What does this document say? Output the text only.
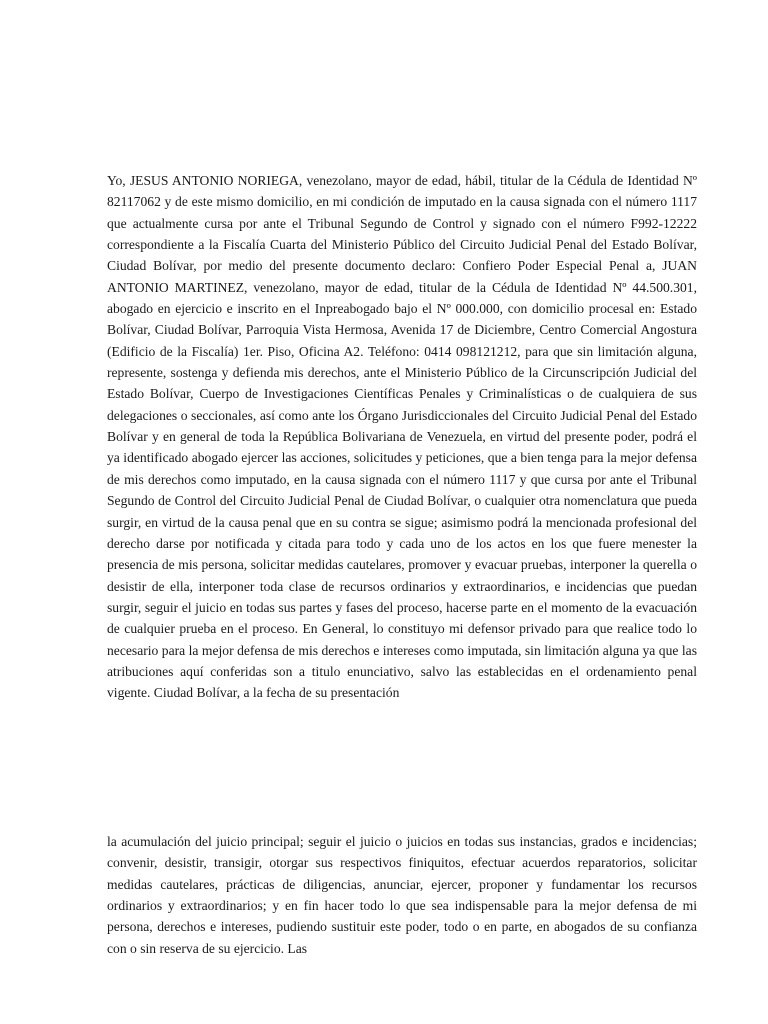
Yo, JESUS ANTONIO NORIEGA, venezolano, mayor de edad, hábil, titular de la Cédula de Identidad Nº 82117062 y de este mismo domicilio, en mi condición de imputado en la causa signada con el número 1117 que actualmente cursa por ante el Tribunal Segundo de Control y signado con el número F992-12222 correspondiente a la Fiscalía Cuarta del Ministerio Público del Circuito Judicial Penal del Estado Bolívar, Ciudad Bolívar, por medio del presente documento declaro: Confiero Poder Especial Penal a, JUAN ANTONIO MARTINEZ, venezolano, mayor de edad, titular de la Cédula de Identidad Nº 44.500.301, abogado en ejercicio e inscrito en el Inpreabogado bajo el Nº 000.000, con domicilio procesal en: Estado Bolívar, Ciudad Bolívar, Parroquia Vista Hermosa, Avenida 17 de Diciembre, Centro Comercial Angostura (Edificio de la Fiscalía) 1er. Piso, Oficina A2. Teléfono: 0414 098121212, para que sin limitación alguna, represente, sostenga y defienda mis derechos, ante el Ministerio Público de la Circunscripción Judicial del Estado Bolívar, Cuerpo de Investigaciones Científicas Penales y Criminalísticas o de cualquiera de sus delegaciones o seccionales, así como ante los Órgano Jurisdiccionales del Circuito Judicial Penal del Estado Bolívar y en general de toda la República Bolivariana de Venezuela, en virtud del presente poder, podrá el ya identificado abogado ejercer las acciones, solicitudes y peticiones, que a bien tenga para la mejor defensa de mis derechos como imputado, en la causa signada con el número 1117 y que cursa por ante el Tribunal Segundo de Control del Circuito Judicial Penal de Ciudad Bolívar, o cualquier otra nomenclatura que pueda surgir, en virtud de la causa penal que en su contra se sigue; asimismo podrá la mencionada profesional del derecho darse por notificada y citada para todo y cada uno de los actos en los que fuere menester la presencia de mis persona, solicitar medidas cautelares, promover y evacuar pruebas, interponer la querella o desistir de ella, interponer toda clase de recursos ordinarios y extraordinarios, e incidencias que puedan surgir, seguir el juicio en todas sus partes y fases del proceso, hacerse parte en el momento de la evacuación de cualquier prueba en el proceso. En General, lo constituyo mi defensor privado para que realice todo lo necesario para la mejor defensa de mis derechos e intereses como imputada, sin limitación alguna ya que las atribuciones aquí conferidas son a titulo enunciativo, salvo las establecidas en el ordenamiento penal vigente. Ciudad Bolívar, a la fecha de su presentación

la acumulación del juicio principal; seguir el juicio o juicios en todas sus instancias, grados e incidencias; convenir, desistir, transigir, otorgar sus respectivos finiquitos, efectuar acuerdos reparatorios, solicitar medidas cautelares, prácticas de diligencias, anunciar, ejercer, proponer y fundamentar los recursos ordinarios y extraordinarios; y en fin hacer todo lo que sea indispensable para la mejor defensa de mi persona, derechos e intereses, pudiendo sustituir este poder, todo o en parte, en abogados de su confianza con o sin reserva de su ejercicio. Las
